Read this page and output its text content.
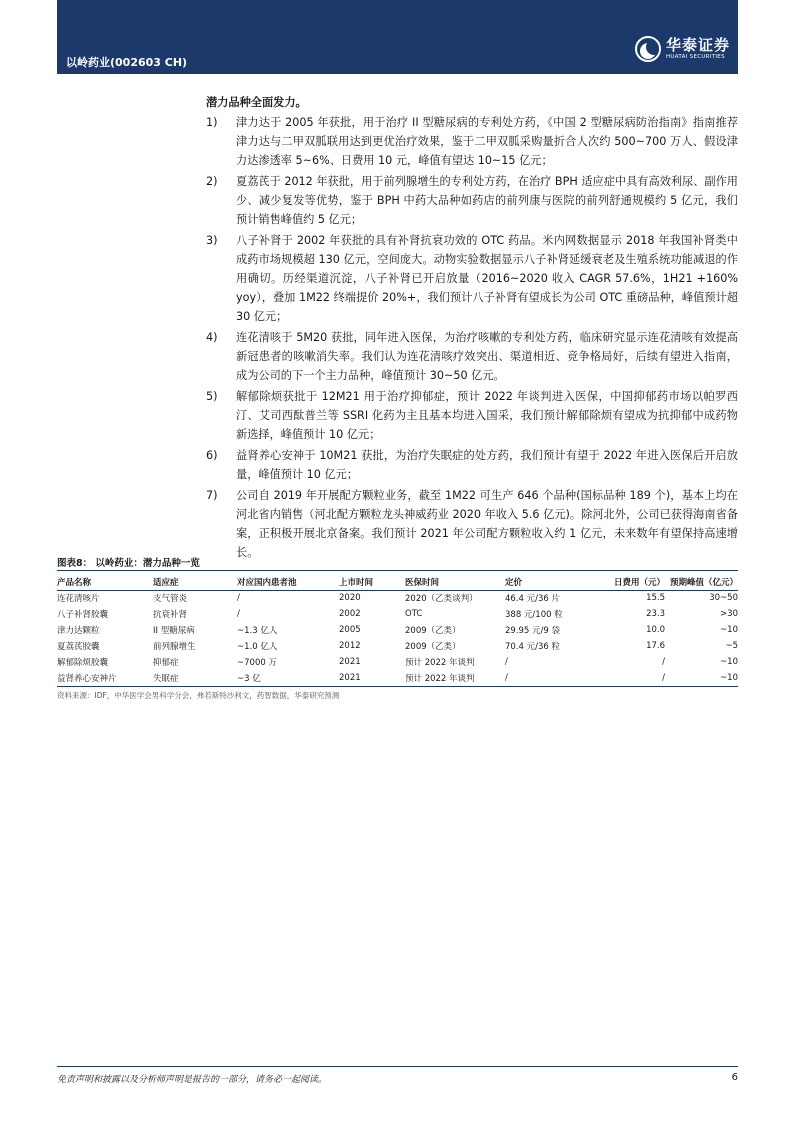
以岭药业(002603 CH)
华泰证券
HUATAI SECURITIES
潜力品种全面发力。
1)	津力达于 2005 年获批，用于治疗 II 型糖尿病的专利处方药，《中国 2 型糖尿病防治指南》指南推荐津力达与二甲双胍联用达到更优治疗效果，鉴于二甲双胍采购量折合人次约 500~700 万人、假设津力达渗透率 5~6%、日费用 10 元，峰值有望达 10~15 亿元；
2)	夏荔芪于 2012 年获批，用于前列腺增生的专利处方药，在治疗 BPH 适应症中具有高效利尿、副作用少、减少复发等优势，鉴于 BPH 中药大品种如药店的前列康与医院的前列舒通规模约 5 亿元，我们预计销售峰值约 5 亿元；
3)	八子补肾于 2002 年获批的具有补肾抗衰功效的 OTC 药品。米内网数据显示 2018 年我国补肾类中成药市场规模超 130 亿元，空间庞大。动物实验数据显示八子补肾延缓衰老及生殖系统功能减退的作用确切。历经渠道沉淀，八子补肾已开启放量（2016~2020 收入 CAGR 57.6%，1H21 +160% yoy），叠加 1M22 终端提价 20%+，我们预计八子补肾有望成长为公司 OTC 重磅品种，峰值预计超 30 亿元；
4)	连花清咳于 5M20 获批，同年进入医保，为治疗咳嗽的专利处方药，临床研究显示连花清咳有效提高新冠患者的咳嗽消失率。我们认为连花清咳疗效突出、渠道相近、竞争格局好，后续有望进入指南，成为公司的下一个主力品种，峰值预计 30~50 亿元。
5)	解郁除烦获批于 12M21 用于治疗抑郁症，预计 2022 年谈判进入医保，中国抑郁药市场以帕罗西汀、艾司西酞普兰等 SSRI 化药为主且基本均进入国采，我们预计解郁除烦有望成为抗抑郁中成药物新选择，峰值预计 10 亿元；
6)	益肾养心安神于 10M21 获批，为治疗失眠症的处方药，我们预计有望于 2022 年进入医保后开启放量，峰值预计 10 亿元；
7)	公司自 2019 年开展配方颗粒业务，截至 1M22 可生产 646 个品种(国标品种 189 个)，基本上均在河北省内销售（河北配方颗粒龙头神威药业 2020 年收入 5.6 亿元)。除河北外，公司已获得海南省备案，正积极开展北京备案。我们预计 2021 年公司配方颗粒收入约 1 亿元，未来数年有望保持高速增长。
图表8： 以岭药业：潜力品种一览
产品名称	适应症	对应国内患者池	上市时间	医保时间	定价	日费用（元）	预期峰值（亿元）
连花清咳片	支气管炎	/	2020	2020（乙类谈判）	46.4 元/36 片	15.5	30~50
八子补肾胶囊	抗衰补肾	/	2002	OTC	388 元/100 粒	23.3	>30
津力达颗粒	II 型糖尿病	~1.3 亿人	2005	2009（乙类）	29.95 元/9 袋	10.0	~10
夏荔芪胶囊	前列腺增生	~1.0 亿人	2012	2009（乙类）	70.4 元/36 粒	17.6	~5
解郁除烦胶囊	抑郁症	~7000 万	2021	预计 2022 年谈判	/	/	~10
益肾养心安神片	失眠症	~3 亿	2021	预计 2022 年谈判	/	/	~10
资料来源：IDF，中华医学会男科学分会，弗若斯特沙利文，药智数据，华泰研究预测
免责声明和披露以及分析师声明是报告的一部分，请务必一起阅读。	6
